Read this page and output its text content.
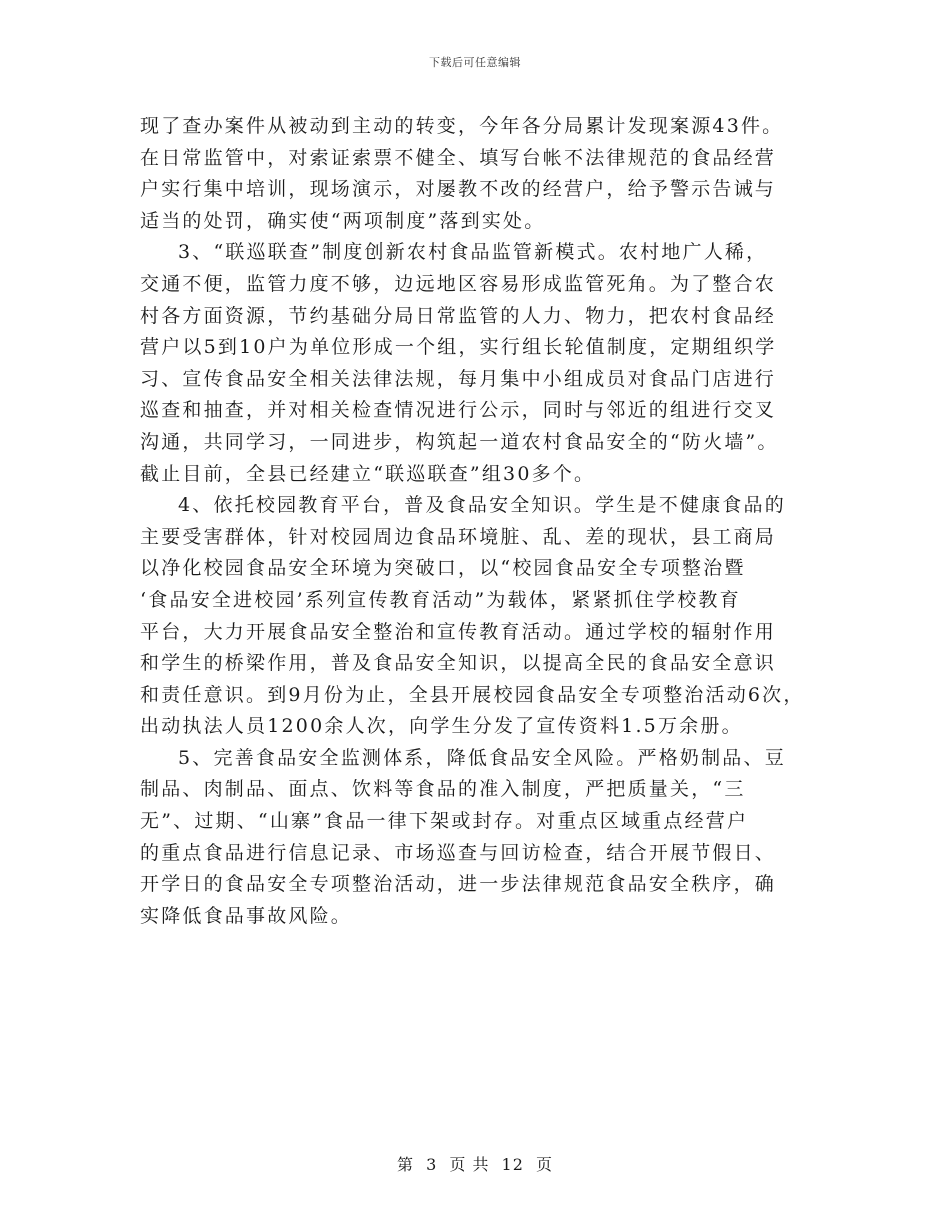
下载后可任意编辑
现了查办案件从被动到主动的转变，今年各分局累计发现案源43件。
在日常监管中，对索证索票不健全、填写台帐不法律规范的食品经营
户实行集中培训，现场演示，对屡教不改的经营户，给予警示告诫与
适当的处罚，确实使“两项制度”落到实处。
3、“联巡联查”制度创新农村食品监管新模式。农村地广人稀，
交通不便，监管力度不够，边远地区容易形成监管死角。为了整合农
村各方面资源，节约基础分局日常监管的人力、物力，把农村食品经
营户以5到10户为单位形成一个组，实行组长轮值制度，定期组织学
习、宣传食品安全相关法律法规，每月集中小组成员对食品门店进行
巡查和抽查，并对相关检查情况进行公示，同时与邻近的组进行交叉
沟通，共同学习，一同进步，构筑起一道农村食品安全的“防火墙”。
截止目前，全县已经建立“联巡联查”组30多个。
4、依托校园教育平台，普及食品安全知识。学生是不健康食品的
主要受害群体，针对校园周边食品环境脏、乱、差的现状，县工商局
以净化校园食品安全环境为突破口，以“校园食品安全专项整治暨
‘食品安全进校园’系列宣传教育活动”为载体，紧紧抓住学校教育
平台，大力开展食品安全整治和宣传教育活动。通过学校的辐射作用
和学生的桥梁作用，普及食品安全知识，以提高全民的食品安全意识
和责任意识。到9月份为止，全县开展校园食品安全专项整治活动6次，
出动执法人员1200余人次，向学生分发了宣传资料1.5万余册。
5、完善食品安全监测体系，降低食品安全风险。严格奶制品、豆
制品、肉制品、面点、饮料等食品的准入制度，严把质量关，“三
无”、过期、“山寨”食品一律下架或封存。对重点区域重点经营户
的重点食品进行信息记录、市场巡查与回访检查，结合开展节假日、
开学日的食品安全专项整治活动，进一步法律规范食品安全秩序，确
实降低食品事故风险。
第 3 页 共 12 页
